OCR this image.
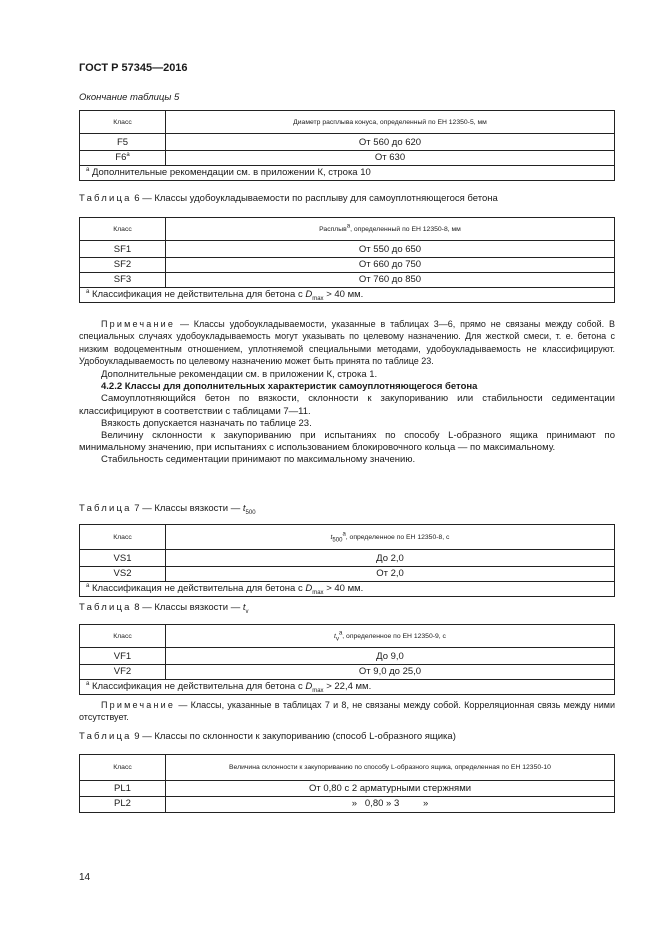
ГОСТ Р 57345—2016
Окончание таблицы 5
Класс	Диаметр расплыва конуса, определенный по ЕН 12350-5, мм
F5	От 560 до 620
F6$^a$	От 630
$^a$ Дополнительные рекомендации см. в приложении К, строка 10	
Таблица 6 — Классы удобоукладываемости по расплыву для самоуплотняющегося бетона
Класс	Расплыв$^a$, определенный по ЕН 12350-8, мм
SF1	От 550 до 650
SF2	От 660 до 750
SF3	От 760 до 850
$^a$ Классификация не действительна для бетона с $D_{max} > 40$ мм.	

Примечание — Классы удобоукладываемости, указанные в таблицах 3—6, прямо не связаны между собой. В специальных случаях удобоукладываемость могут указывать по целевому назначению. Для жесткой смеси, т. е. бетона с низким водоцементным отношением, уплотняемой специальными методами, удобоукладываемость не классифицируют. Удобоукладываемость по целевому назначению может быть принята по таблице 23.

Дополнительные рекомендации см. в приложении К, строка 1.

4.2.2 Классы для дополнительных характеристик самоуплотняющегося бетона

Самоуплотняющийся бетон по вязкости, склонности к закупориванию или стабильности седиментации классифицируют в соответствии с таблицами 7—11.

Вязкость допускается назначать по таблице 23.

Величину склонности к закупориванию при испытаниях по способу L-образного ящика принимают по минимальному значению, при испытаниях с использованием блокировочного кольца — по максимальному.

Стабильность седиментации принимают по максимальному значению.

Таблица 7 — Классы вязкости — $t_{500}$
Класс	$t_{500}^a$, определенное по ЕН 12350-8, с
VS1	До 2,0
VS2	От 2,0
$^a$ Классификация не действительна для бетона с $D_{max} > 40$ мм.	
Таблица 8 — Классы вязкости — $t_v$
Класс	$t_v^a$, определенное по ЕН 12350-9, с
VF1	До 9,0
VF2	От 9,0 до 25,0
$^a$ Классификация не действительна для бетона с $D_{max} > 22,4$ мм.	

Примечание — Классы, указанные в таблицах 7 и 8, не связаны между собой. Корреляционная связь между ними отсутствует.

Таблица 9 — Классы по склонности к закупориванию (способ L-образного ящика)
Класс	Величина склонности к закупориванию по способу L-образного ящика, определенная по ЕН 12350-10
PL1	От 0,80 с 2 арматурными стержнями
PL2	»   0,80 » 3         »
14
